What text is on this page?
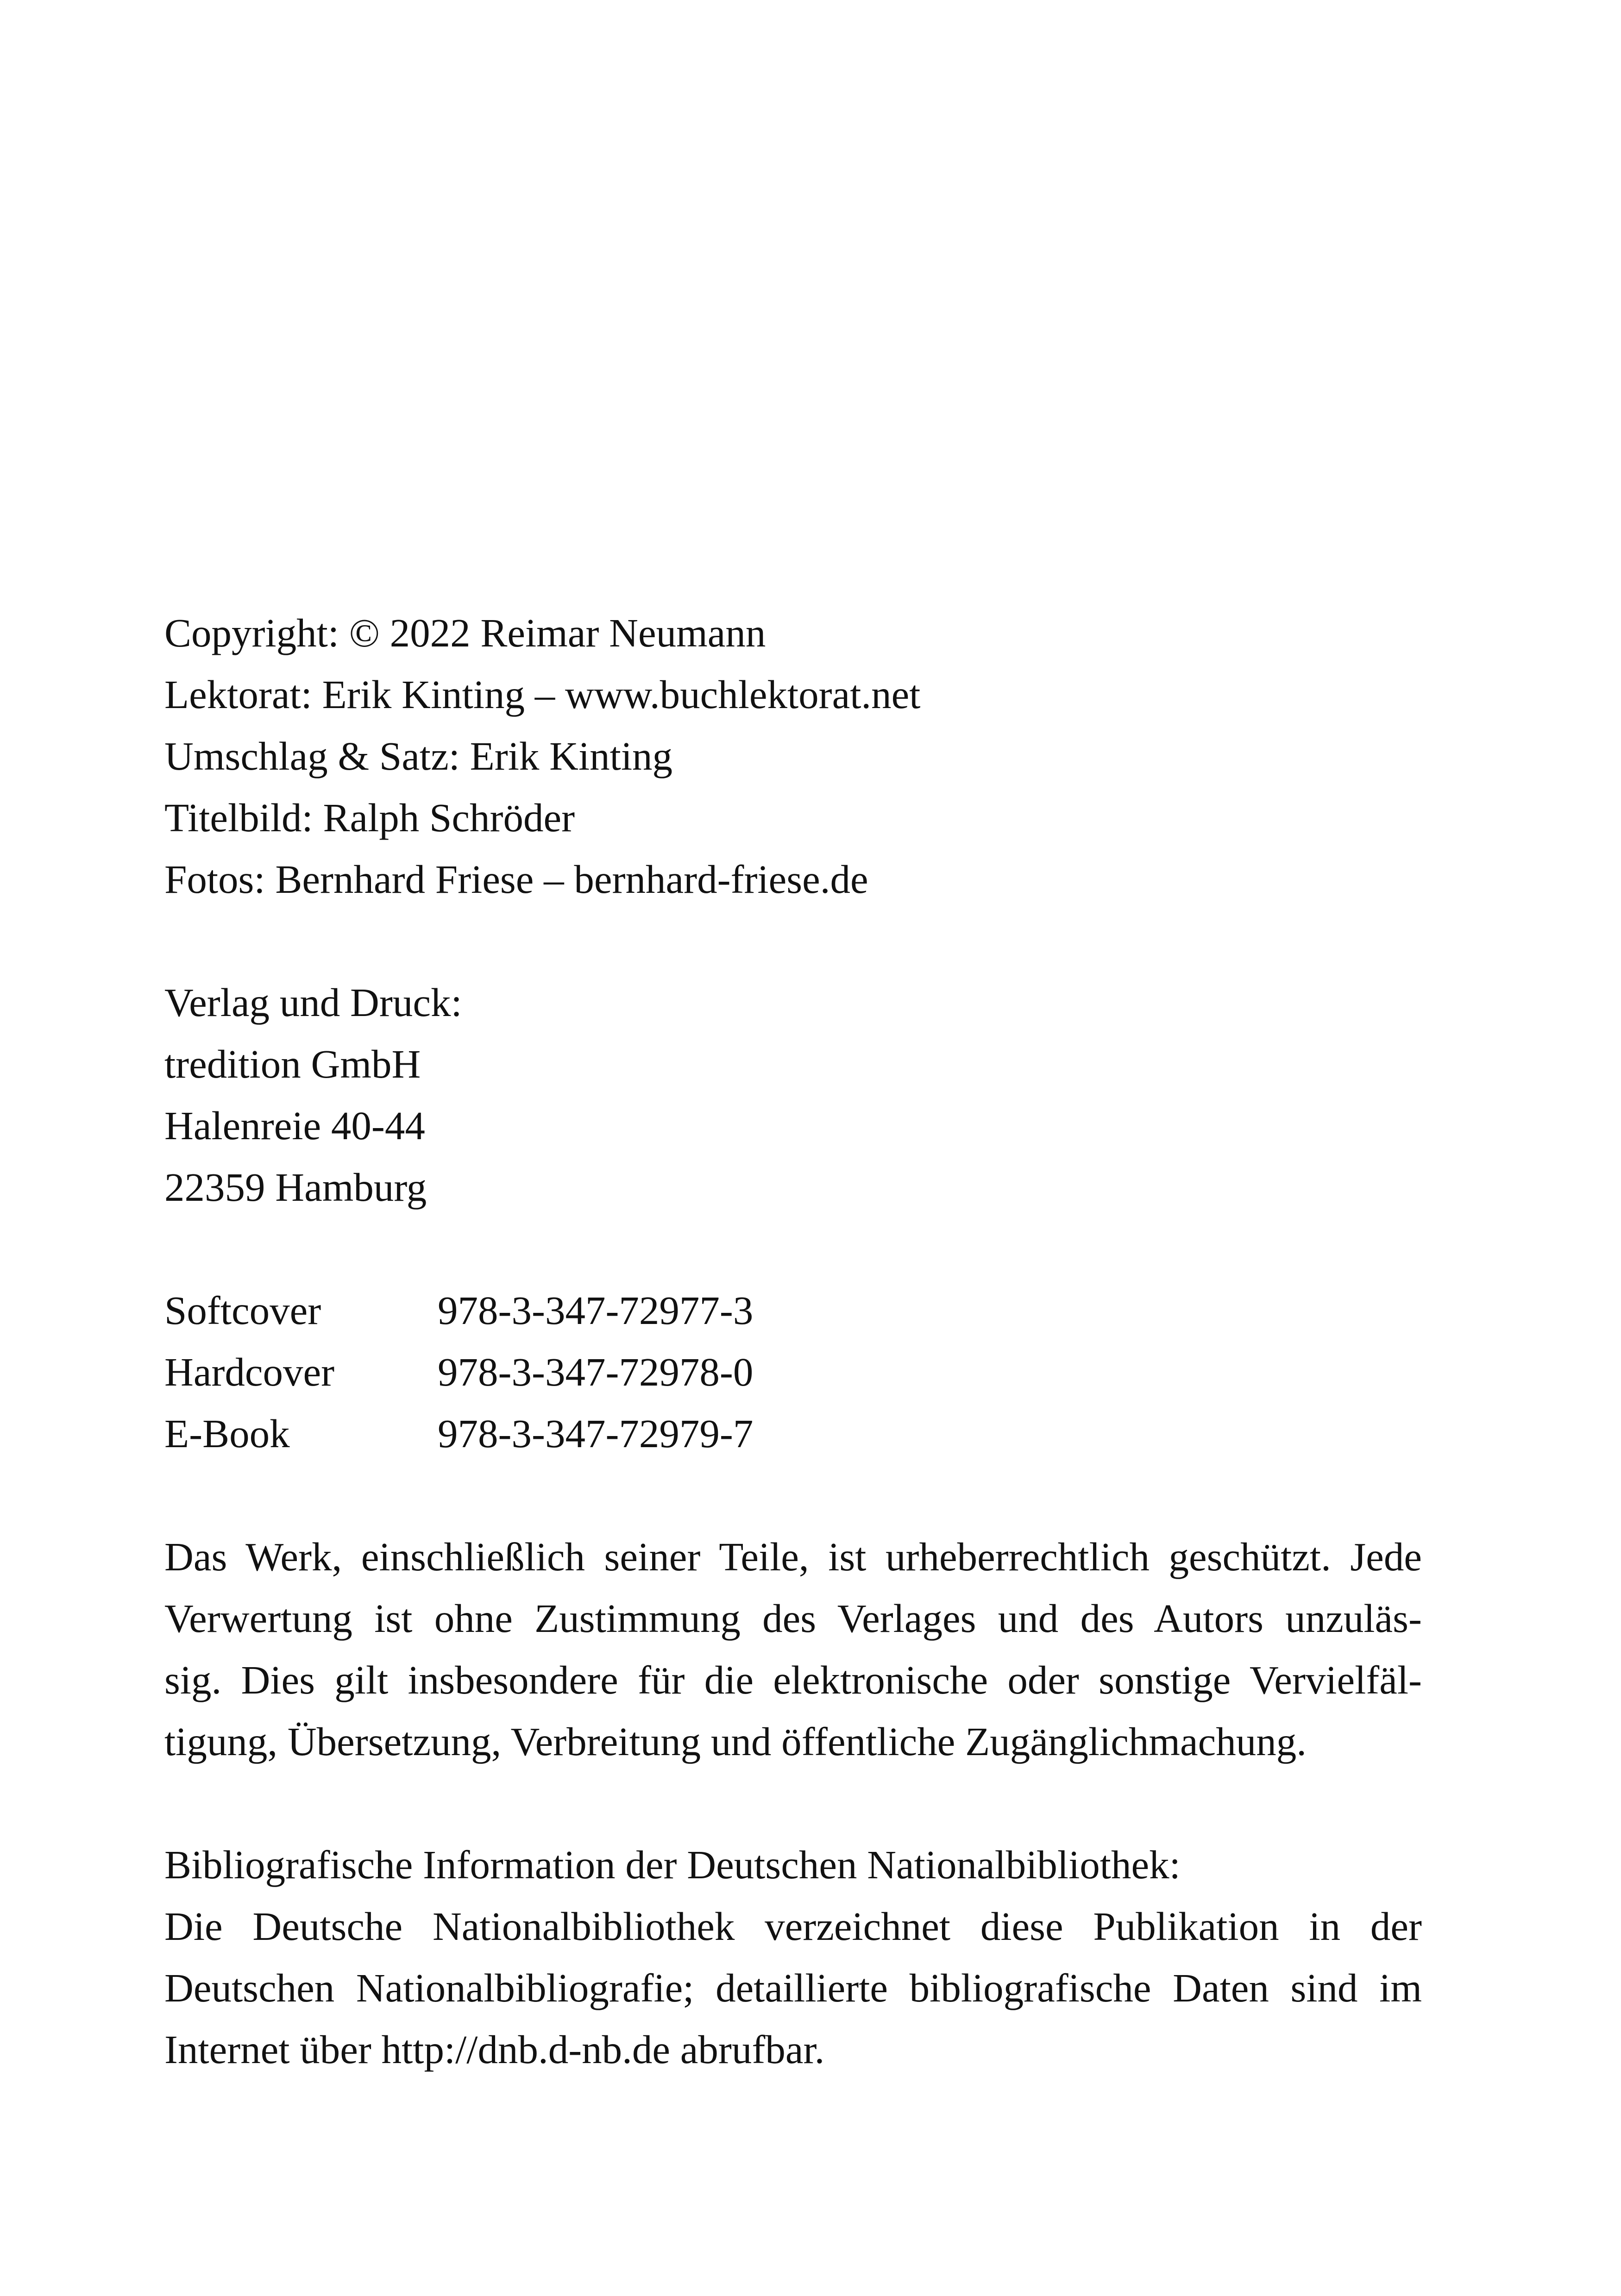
Copyright: © 2022 Reimar Neumann
Lektorat: Erik Kinting – www.buchlektorat.net
Umschlag & Satz: Erik Kinting
Titelbild: Ralph Schröder
Fotos: Bernhard Friese – bernhard-friese.de
Verlag und Druck:
tredition GmbH
Halenreie 40-44
22359 Hamburg
Softcover	978-3-347-72977-3
Hardcover	978-3-347-72978-0
E-Book	978-3-347-72979-7
Das Werk, einschließlich seiner Teile, ist urheberrechtlich geschützt. Jede
Verwertung ist ohne Zustimmung des Verlages und des Autors unzuläs-
sig. Dies gilt insbesondere für die elektronische oder sonstige Vervielfäl-
tigung, Übersetzung, Verbreitung und öffentliche Zugänglichmachung.
Bibliografische Information der Deutschen Nationalbibliothek:
Die Deutsche Nationalbibliothek verzeichnet diese Publikation in der
Deutschen Nationalbibliografie; detaillierte bibliografische Daten sind im
Internet über http://dnb.d-nb.de abrufbar.
